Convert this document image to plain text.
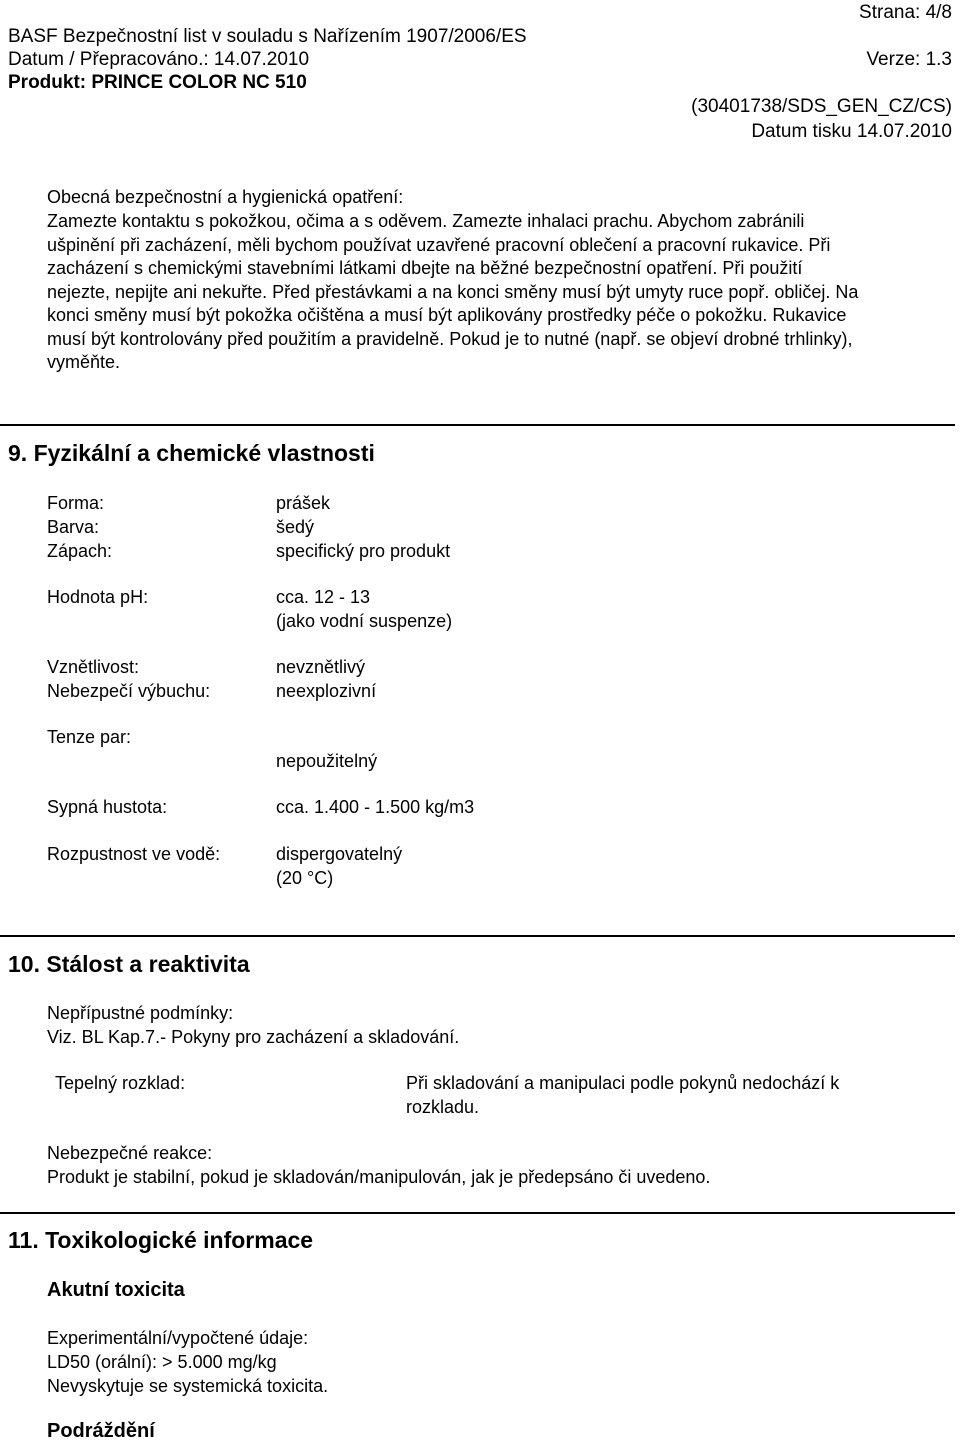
Strana: 4/8
BASF Bezpečnostní list v souladu s Nařízením 1907/2006/ES
Datum / Přepracováno.: 14.07.2010	Verze: 1.3
Produkt: PRINCE COLOR NC 510
(30401738/SDS_GEN_CZ/CS)
Datum tisku 14.07.2010
Obecná bezpečnostní a hygienická opatření:
Zamezte kontaktu s pokožkou, očima a s oděvem. Zamezte inhalaci prachu. Abychom zabránili
ušpinění při zacházení, měli bychom používat uzavřené pracovní oblečení a pracovní rukavice. Při
zacházení s chemickými stavebními látkami dbejte na běžné bezpečnostní opatření. Při použití
nejezte, nepijte ani nekuřte. Před přestávkami a na konci směny musí být umyty ruce popř. obličej. Na
konci směny musí být pokožka očištěna a musí být aplikovány prostředky péče o pokožku. Rukavice
musí být kontrolovány před použitím a pravidelně. Pokud je to nutné (např. se objeví drobné trhlinky),
vyměňte.
9. Fyzikální a chemické vlastnosti
Forma:	prášek
Barva:	šedý
Zápach:	specifický pro produkt
Hodnota pH:	cca. 12 - 13
(jako vodní suspenze)
Vznětlivost:	nevznětlivý
Nebezpečí výbuchu:	neexplozivní
Tenze par:
nepoužitelný
Sypná hustota:	cca. 1.400 - 1.500 kg/m3
Rozpustnost ve vodě:	dispergovatelný
(20 °C)
10. Stálost a reaktivita
Nepřípustné podmínky:
Viz. BL Kap.7.- Pokyny pro zacházení a skladování.
Tepelný rozklad:	Při skladování a manipulaci podle pokynů nedochází k
rozkladu.
Nebezpečné reakce:
Produkt je stabilní, pokud je skladován/manipulován, jak je předepsáno či uvedeno.
11. Toxikologické informace
Akutní toxicita
Experimentální/vypočtené údaje:
LD50 (orální): > 5.000 mg/kg
Nevyskytuje se systemická toxicita.
Podráždění
